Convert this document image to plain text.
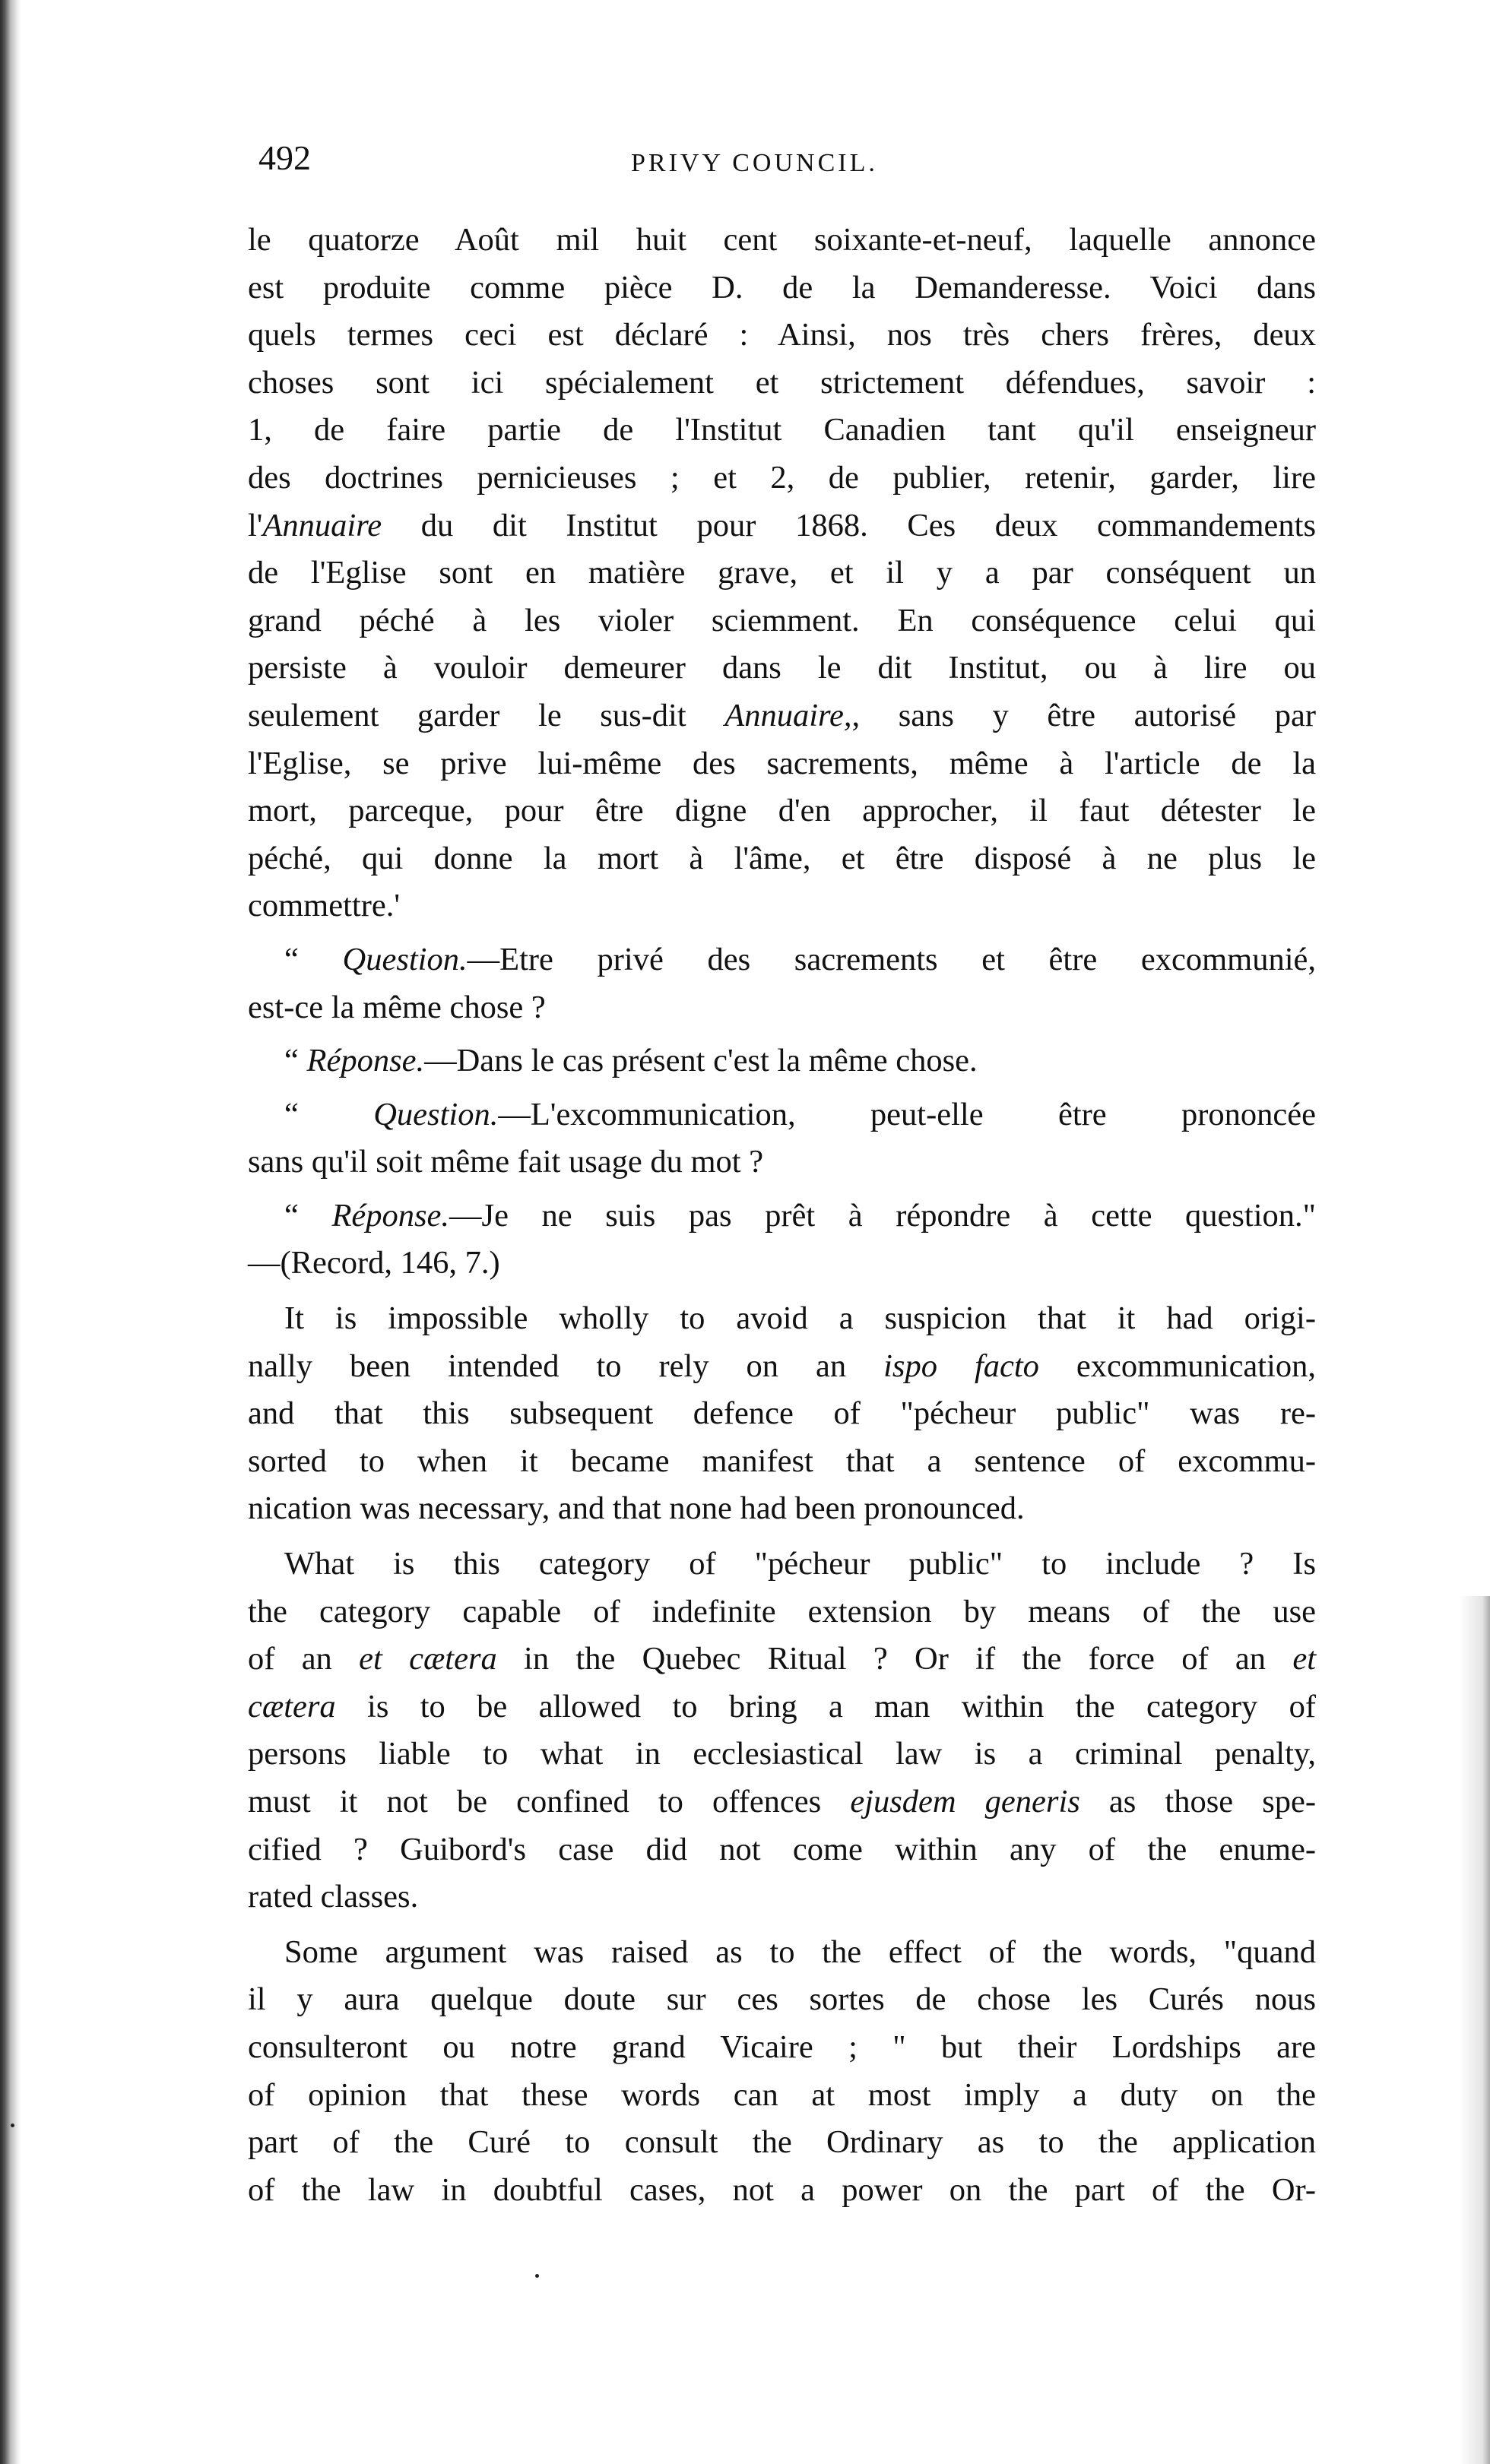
492	PRIVY COUNCIL.
le quatorze Août mil huit cent soixante-et-neuf, laquelle annonce
est produite comme pièce D. de la Demanderesse. Voici dans
quels termes ceci est déclaré : Ainsi, nos très chers frères, deux
choses sont ici spécialement et strictement défendues, savoir :
1, de faire partie de l'Institut Canadien tant qu'il enseigneur
des doctrines pernicieuses ; et 2, de publier, retenir, garder, lire
l'Annuaire du dit Institut pour 1868. Ces deux commandements
de l'Eglise sont en matière grave, et il y a par conséquent un
grand péché à les violer sciemment. En conséquence celui qui
persiste à vouloir demeurer dans le dit Institut, ou à lire ou
seulement garder le sus-dit Annuaire,, sans y être autorisé par
l'Eglise, se prive lui-même des sacrements, même à l'article de la
mort, parceque, pour être digne d'en approcher, il faut détester le
péché, qui donne la mort à l'âme, et être disposé à ne plus le
commettre.'
“ Question.—Etre privé des sacrements et être excommunié,
est-ce la même chose ?
“ Réponse.—Dans le cas présent c'est la même chose.
“ Question.—L'excommunication, peut-elle être prononcée
sans qu'il soit même fait usage du mot ?
“ Réponse.—Je ne suis pas prêt à répondre à cette question."
—(Record, 146, 7.)
It is impossible wholly to avoid a suspicion that it had origi-
nally been intended to rely on an ispo facto excommunication,
and that this subsequent defence of "pécheur public" was re-
sorted to when it became manifest that a sentence of excommu-
nication was necessary, and that none had been pronounced.
What is this category of "pécheur public" to include ? Is
the category capable of indefinite extension by means of the use
of an et cætera in the Quebec Ritual ? Or if the force of an et
cætera is to be allowed to bring a man within the category of
persons liable to what in ecclesiastical law is a criminal penalty,
must it not be confined to offences ejusdem generis as those spe-
cified ? Guibord's case did not come within any of the enume-
rated classes.
Some argument was raised as to the effect of the words, "quand
il y aura quelque doute sur ces sortes de chose les Curés nous
consulteront ou notre grand Vicaire ; " but their Lordships are
of opinion that these words can at most imply a duty on the
part of the Curé to consult the Ordinary as to the application
of the law in doubtful cases, not a power on the part of the Or-
